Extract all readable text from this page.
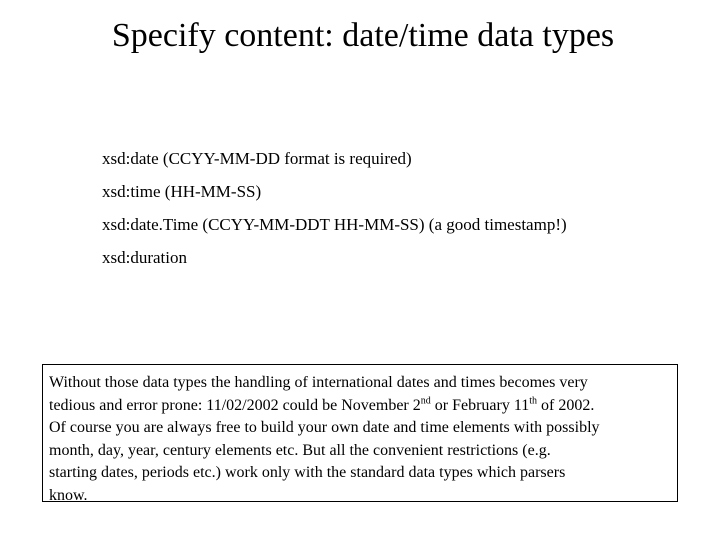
Specify content: date/time data types
xsd:date (CCYY-MM-DD format is required)
xsd:time (HH-MM-SS)
xsd:date.Time (CCYY-MM-DDT HH-MM-SS) (a good timestamp!)
xsd:duration

Without those data types the handling of international dates and times becomes very

tedious and error prone: 11/02/2002 could be November 2nd or February 11th of 2002.

Of course you are always free to build your own date and time elements with possibly

month, day, year, century elements etc. But all the convenient restrictions (e.g.

starting dates, periods etc.) work only with the standard data types which parsers

know.
